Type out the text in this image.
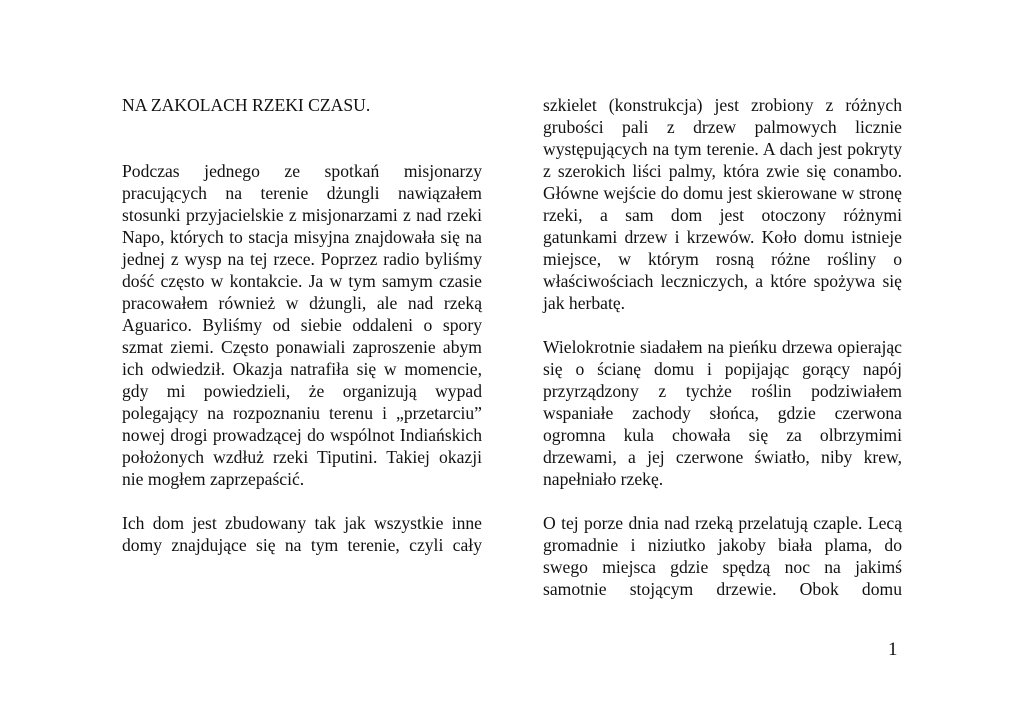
NA ZAKOLACH RZEKI CZASU.

Podczas jednego ze spotkań misjonarzy pracujących na terenie dżungli nawiązałem stosunki przyjacielskie z misjonarzami z nad rzeki Napo, których to stacja misyjna znajdowała się na jednej z wysp na tej rzece. Poprzez radio byliśmy dość często w kontakcie. Ja w tym samym czasie pracowałem również w dżungli, ale nad rzeką Aguarico. Byliśmy od siebie oddaleni o spory szmat ziemi. Często ponawiali zaproszenie abym ich odwiedził. Okazja natrafiła się w momencie, gdy mi powiedzieli, że organizują wypad polegający na rozpoznaniu terenu i „przetarciu” nowej drogi prowadzącej do wspólnot Indiańskich położonych wzdłuż rzeki Tiputini. Takiej okazji nie mogłem zaprzepaścić.

Ich dom jest zbudowany tak jak wszystkie inne domy znajdujące się na tym terenie, czyli cały

szkielet (konstrukcja) jest zrobiony z różnych grubości pali z drzew palmowych licznie występujących na tym terenie. A dach jest pokryty z szerokich liści palmy, która zwie się conambo. Główne wejście do domu jest skierowane w stronę rzeki, a sam dom jest otoczony różnymi gatunkami drzew i krzewów. Koło domu istnieje miejsce, w którym rosną różne rośliny o właściwościach leczniczych, a które spożywa się jak herbatę.

Wielokrotnie siadałem na pieńku drzewa opierając się o ścianę domu i popijając gorący napój przyrządzony z tychże roślin podziwiałem wspaniałe zachody słońca, gdzie czerwona ogromna kula chowała się za olbrzymimi drzewami, a jej czerwone światło, niby krew, napełniało rzekę.

O tej porze dnia nad rzeką przelatują czaple. Lecą gromadnie i niziutko jakoby biała plama, do swego miejsca gdzie spędzą noc na jakimś samotnie stojącym drzewie. Obok domu

1
